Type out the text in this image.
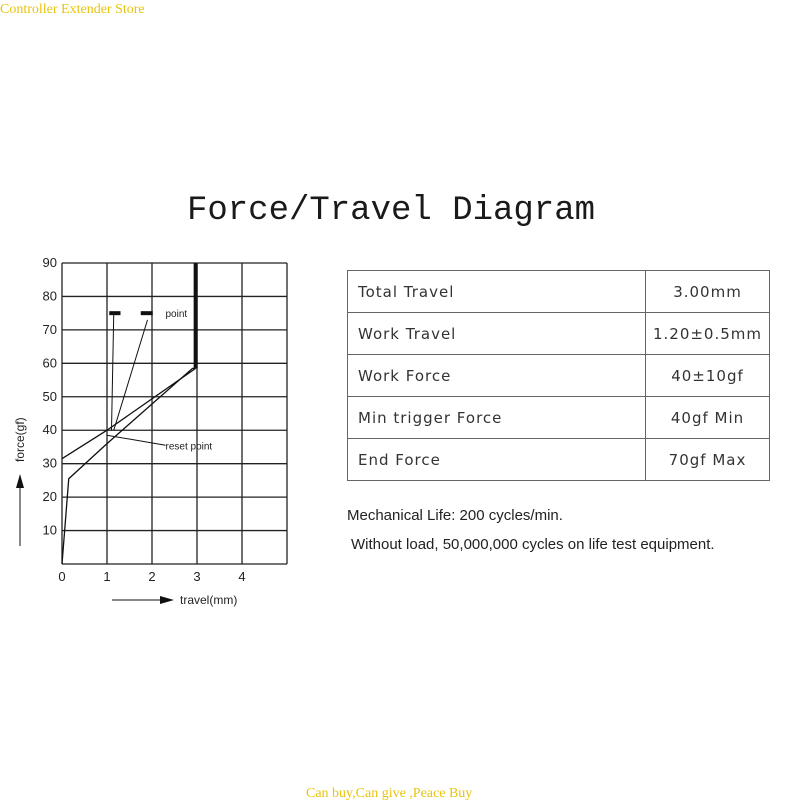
Controller Extender Store
Force/Travel Diagram
0	1	2	3	4
10
20
30
40
50
60
70
80
90
point
reset point
travel(mm)
force(gf)
Total Travel	3.00mm
Work Travel	1.20±0.5mm
Work Force	40±10gf
Min trigger Force	40gf Min
End Force	70gf Max
Mechanical Life: 200 cycles/min.
Without load, 50,000,000 cycles on life test equipment.
Can buy,Can give ,Peace Buy
